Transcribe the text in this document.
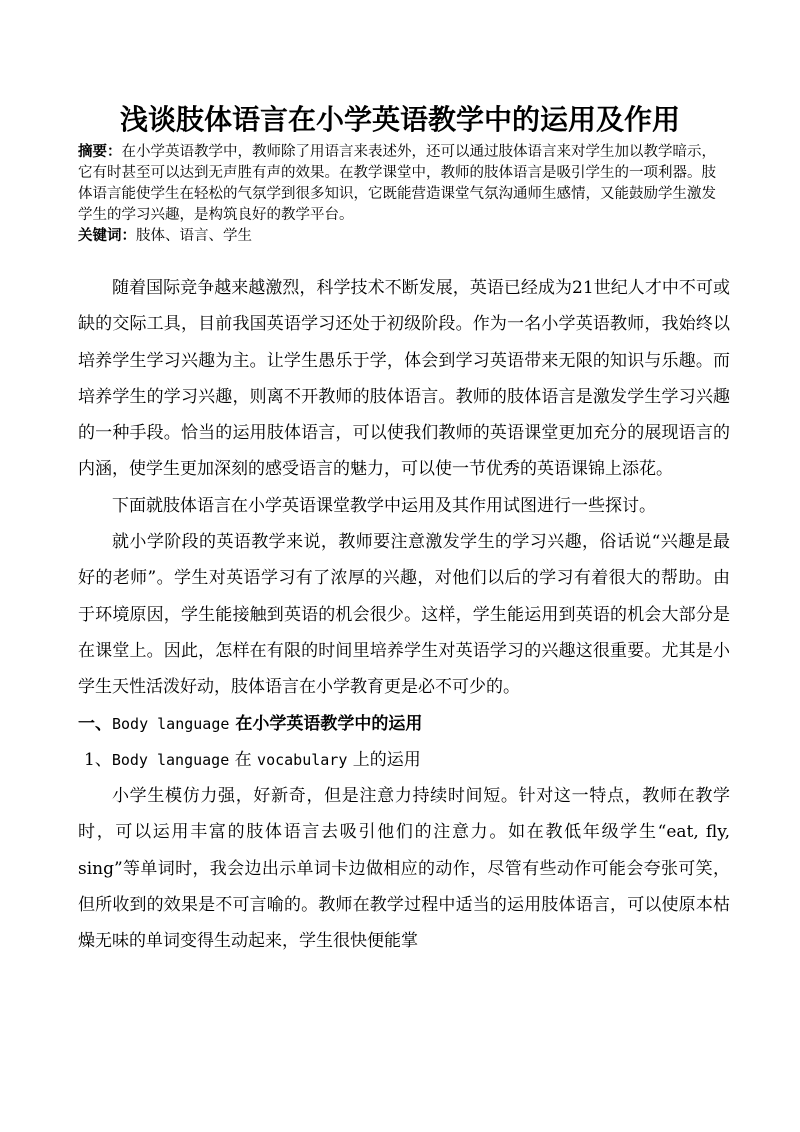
浅谈肢体语言在小学英语教学中的运用及作用

摘要：在小学英语教学中，教师除了用语言来表述外，还可以通过肢体语言来对学生加以教学暗示，它有时甚至可以达到无声胜有声的效果。在教学课堂中，教师的肢体语言是吸引学生的一项利器。肢体语言能使学生在轻松的气氛学到很多知识，它既能营造课堂气氛沟通师生感情，又能鼓励学生激发学生的学习兴趣，是构筑良好的教学平台。

关键词：肢体、语言、学生

随着国际竞争越来越激烈，科学技术不断发展，英语已经成为21世纪人才中不可或缺的交际工具，目前我国英语学习还处于初级阶段。作为一名小学英语教师，我始终以培养学生学习兴趣为主。让学生愚乐于学，体会到学习英语带来无限的知识与乐趣。而培养学生的学习兴趣，则离不开教师的肢体语言。教师的肢体语言是激发学生学习兴趣的一种手段。恰当的运用肢体语言，可以使我们教师的英语课堂更加充分的展现语言的内涵，使学生更加深刻的感受语言的魅力，可以使一节优秀的英语课锦上添花。

下面就肢体语言在小学英语课堂教学中运用及其作用试图进行一些探讨。

就小学阶段的英语教学来说，教师要注意激发学生的学习兴趣，俗话说“兴趣是最好的老师”。学生对英语学习有了浓厚的兴趣，对他们以后的学习有着很大的帮助。由于环境原因，学生能接触到英语的机会很少。这样，学生能运用到英语的机会大部分是在课堂上。因此，怎样在有限的时间里培养学生对英语学习的兴趣这很重要。尤其是小学生天性活泼好动，肢体语言在小学教育更是必不可少的。

一、Body language 在小学英语教学中的运用

1、Body language 在 vocabulary 上的运用

小学生模仿力强，好新奇，但是注意力持续时间短。针对这一特点，教师在教学时，可以运用丰富的肢体语言去吸引他们的注意力。如在教低年级学生“eat, fly, sing”等单词时，我会边出示单词卡边做相应的动作，尽管有些动作可能会夸张可笑，但所收到的效果是不可言喻的。教师在教学过程中适当的运用肢体语言，可以使原本枯燥无味的单词变得生动起来，学生很快便能掌
